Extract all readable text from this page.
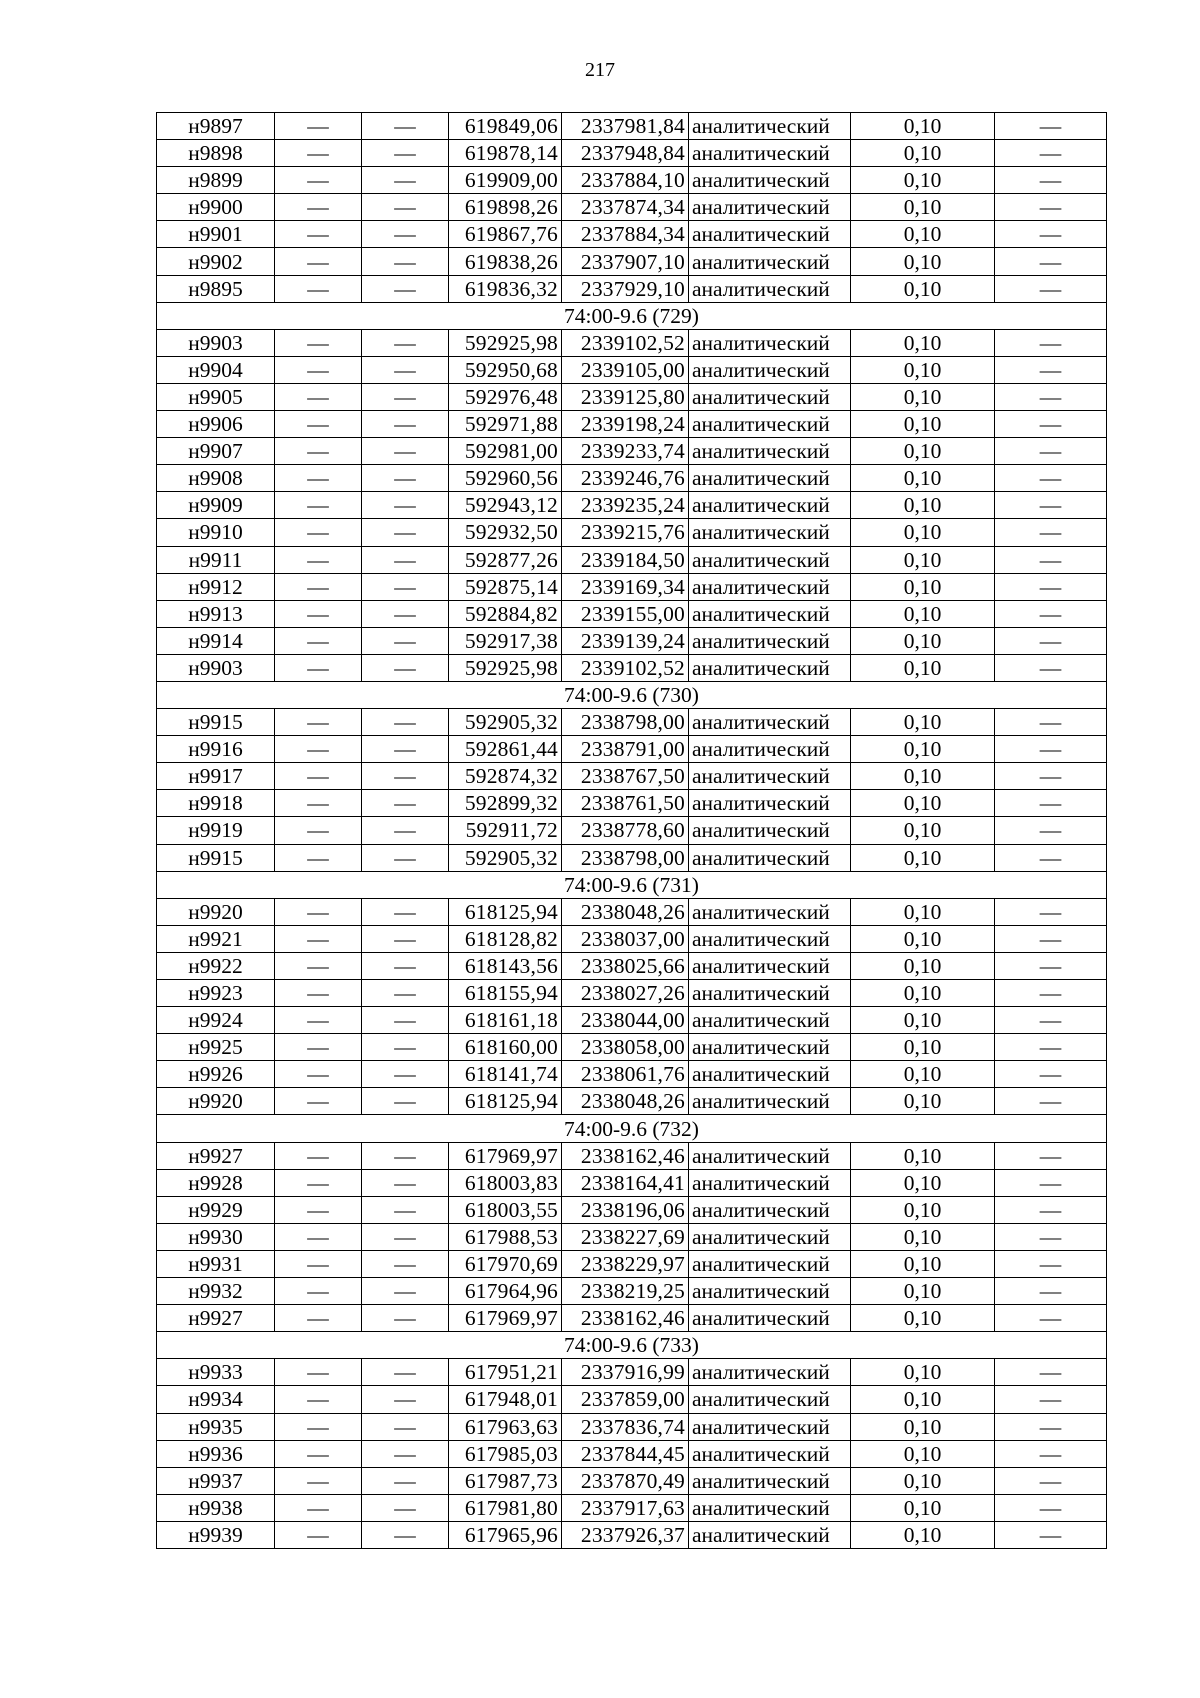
217
н9897	—	—	619849,06	2337981,84	аналитический	0,10	—
н9898	—	—	619878,14	2337948,84	аналитический	0,10	—
н9899	—	—	619909,00	2337884,10	аналитический	0,10	—
н9900	—	—	619898,26	2337874,34	аналитический	0,10	—
н9901	—	—	619867,76	2337884,34	аналитический	0,10	—
н9902	—	—	619838,26	2337907,10	аналитический	0,10	—
н9895	—	—	619836,32	2337929,10	аналитический	0,10	—
74:00-9.6 (729)							
н9903	—	—	592925,98	2339102,52	аналитический	0,10	—
н9904	—	—	592950,68	2339105,00	аналитический	0,10	—
н9905	—	—	592976,48	2339125,80	аналитический	0,10	—
н9906	—	—	592971,88	2339198,24	аналитический	0,10	—
н9907	—	—	592981,00	2339233,74	аналитический	0,10	—
н9908	—	—	592960,56	2339246,76	аналитический	0,10	—
н9909	—	—	592943,12	2339235,24	аналитический	0,10	—
н9910	—	—	592932,50	2339215,76	аналитический	0,10	—
н9911	—	—	592877,26	2339184,50	аналитический	0,10	—
н9912	—	—	592875,14	2339169,34	аналитический	0,10	—
н9913	—	—	592884,82	2339155,00	аналитический	0,10	—
н9914	—	—	592917,38	2339139,24	аналитический	0,10	—
н9903	—	—	592925,98	2339102,52	аналитический	0,10	—
74:00-9.6 (730)							
н9915	—	—	592905,32	2338798,00	аналитический	0,10	—
н9916	—	—	592861,44	2338791,00	аналитический	0,10	—
н9917	—	—	592874,32	2338767,50	аналитический	0,10	—
н9918	—	—	592899,32	2338761,50	аналитический	0,10	—
н9919	—	—	592911,72	2338778,60	аналитический	0,10	—
н9915	—	—	592905,32	2338798,00	аналитический	0,10	—
74:00-9.6 (731)							
н9920	—	—	618125,94	2338048,26	аналитический	0,10	—
н9921	—	—	618128,82	2338037,00	аналитический	0,10	—
н9922	—	—	618143,56	2338025,66	аналитический	0,10	—
н9923	—	—	618155,94	2338027,26	аналитический	0,10	—
н9924	—	—	618161,18	2338044,00	аналитический	0,10	—
н9925	—	—	618160,00	2338058,00	аналитический	0,10	—
н9926	—	—	618141,74	2338061,76	аналитический	0,10	—
н9920	—	—	618125,94	2338048,26	аналитический	0,10	—
74:00-9.6 (732)							
н9927	—	—	617969,97	2338162,46	аналитический	0,10	—
н9928	—	—	618003,83	2338164,41	аналитический	0,10	—
н9929	—	—	618003,55	2338196,06	аналитический	0,10	—
н9930	—	—	617988,53	2338227,69	аналитический	0,10	—
н9931	—	—	617970,69	2338229,97	аналитический	0,10	—
н9932	—	—	617964,96	2338219,25	аналитический	0,10	—
н9927	—	—	617969,97	2338162,46	аналитический	0,10	—
74:00-9.6 (733)							
н9933	—	—	617951,21	2337916,99	аналитический	0,10	—
н9934	—	—	617948,01	2337859,00	аналитический	0,10	—
н9935	—	—	617963,63	2337836,74	аналитический	0,10	—
н9936	—	—	617985,03	2337844,45	аналитический	0,10	—
н9937	—	—	617987,73	2337870,49	аналитический	0,10	—
н9938	—	—	617981,80	2337917,63	аналитический	0,10	—
н9939	—	—	617965,96	2337926,37	аналитический	0,10	—
